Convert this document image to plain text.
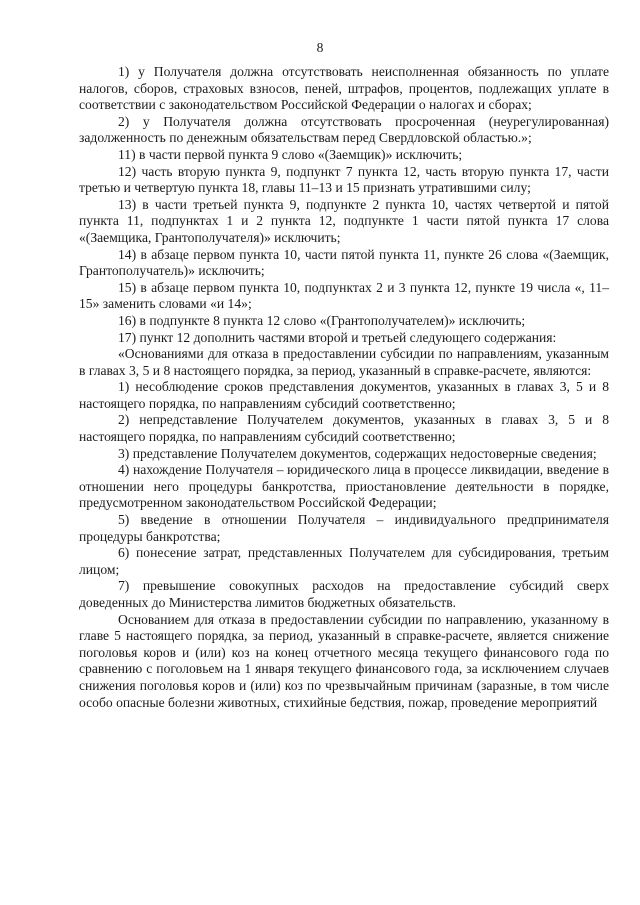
8

1) у Получателя должна отсутствовать неисполненная обязанность по уплате налогов, сборов, страховых взносов, пеней, штрафов, процентов, подлежащих уплате в соответствии с законодательством Российской Федерации о налогах и сборах;

2) у Получателя должна отсутствовать просроченная (неурегулированная) задолженность по денежным обязательствам перед Свердловской областью.»;

11) в части первой пункта 9 слово «(Заемщик)» исключить;

12) часть вторую пункта 9, подпункт 7 пункта 12, часть вторую пункта 17, части третью и четвертую пункта 18, главы 11–13 и 15 признать утратившими силу;

13) в части третьей пункта 9, подпункте 2 пункта 10, частях четвертой и пятой пункта 11, подпунктах 1 и 2 пункта 12, подпункте 1 части пятой пункта 17 слова «(Заемщика, Грантополучателя)» исключить;

14) в абзаце первом пункта 10, части пятой пункта 11, пункте 26 слова «(Заемщик, Грантополучатель)» исключить;

15) в абзаце первом пункта 10, подпунктах 2 и 3 пункта 12, пункте 19 числа «, 11–15» заменить словами «и 14»;

16) в подпункте 8 пункта 12 слово «(Грантополучателем)» исключить;

17) пункт 12 дополнить частями второй и третьей следующего содержания:

«Основаниями для отказа в предоставлении субсидии по направлениям, указанным в главах 3, 5 и 8 настоящего порядка, за период, указанный в справке-расчете, являются:

1) несоблюдение сроков представления документов, указанных в главах 3, 5 и 8 настоящего порядка, по направлениям субсидий соответственно;

2) непредставление Получателем документов, указанных в главах 3, 5 и 8 настоящего порядка, по направлениям субсидий соответственно;

3) представление Получателем документов, содержащих недостоверные сведения;

4) нахождение Получателя – юридического лица в процессе ликвидации, введение в отношении него процедуры банкротства, приостановление деятельности в порядке, предусмотренном законодательством Российской Федерации;

5) введение в отношении Получателя – индивидуального предпринимателя процедуры банкротства;

6) понесение затрат, представленных Получателем для субсидирования, третьим лицом;

7) превышение совокупных расходов на предоставление субсидий сверх доведенных до Министерства лимитов бюджетных обязательств.

Основанием для отказа в предоставлении субсидии по направлению, указанному в главе 5 настоящего порядка, за период, указанный в справке-расчете, является снижение поголовья коров и (или) коз на конец отчетного месяца текущего финансового года по сравнению с поголовьем на 1 января текущего финансового года, за исключением случаев снижения поголовья коров и (или) коз по чрезвычайным причинам (заразные, в том числе особо опасные болезни животных, стихийные бедствия, пожар, проведение мероприятий
